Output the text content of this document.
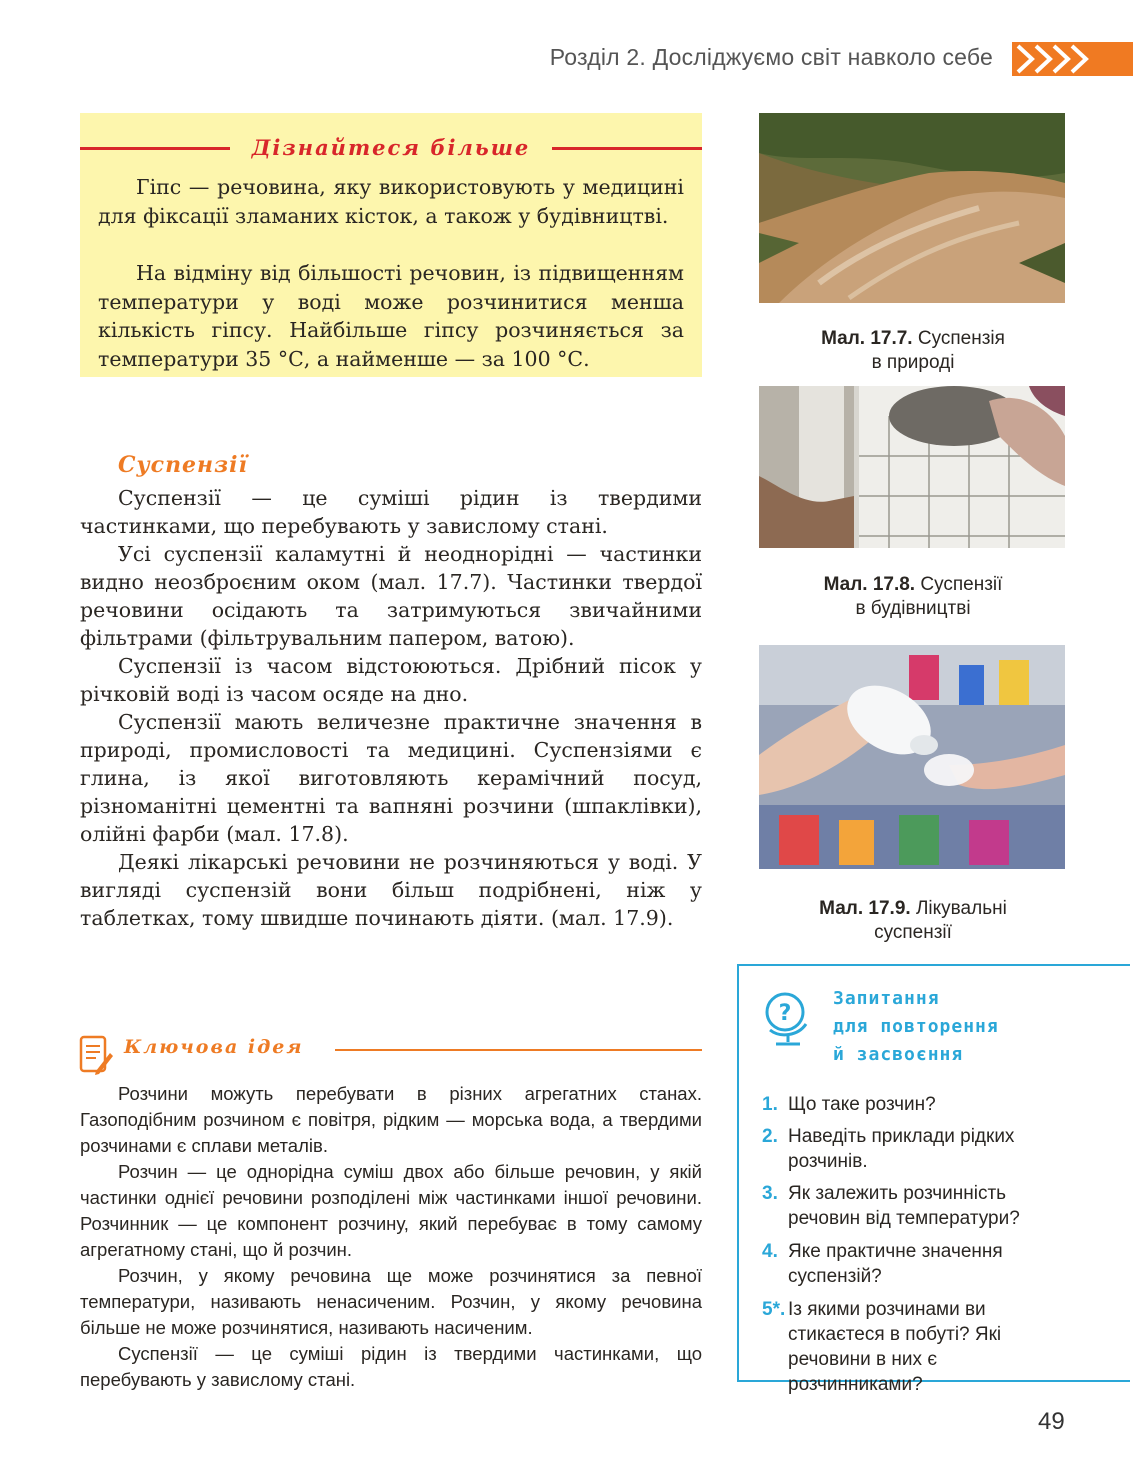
Розділ 2. Досліджуємо світ навколо себе
Дізнайтеся більше

Гіпс — речовина, яку використовують у медицині для фіксації зламаних кісток, а також у будівництві.

На відміну від більшості речовин, із підвищенням температури у воді може розчинитися менша кількість гіпсу. Найбільше гіпсу розчиняється за температури 35 °С, а найменше — за 100 °С.

Суспензії

Суспензії — це суміші рідин із твердими частинками, що перебувають у завислому стані.

Усі суспензії каламутні й неоднорідні — частинки видно неозброєним оком (мал. 17.7). Частинки твердої речовини осідають та затримуються звичайними фільтрами (фільтрувальним папером, ватою).

Суспензії із часом відстоюються. Дрібний пісок у річковій воді із часом осяде на дно.

Суспензії мають величезне практичне значення в природі, промисловості та медицині. Суспензіями є глина, із якої виготовляють керамічний посуд, різноманітні цементні та вапняні розчини (шпаклівки), олійні фарби (мал. 17.8).

Деякі лікарські речовини не розчиняються у воді. У вигляді суспензій вони більш подрібнені, ніж у таблетках, тому швидше починають діяти. (мал. 17.9).

Ключова ідея

Розчини можуть перебувати в різних агрегатних станах. Газоподібним розчином є повітря, рідким — морська вода, а твердими розчинами є сплави металів.

Розчин — це однорідна суміш двох або більше речовин, у якій частинки однієї речовини розподілені між частинками іншої речовини. Розчинник — це компонент розчину, який перебуває в тому самому агрегатному стані, що й розчин.

Розчин, у якому речовина ще може розчинятися за певної температури, називають ненасиченим. Розчин, у якому речовина більше не може розчинятися, називають насиченим.

Суспензії — це суміші рідин із твердими частинками, що перебувають у завислому стані.

Мал. 17.7. Суспензія
в природі
Мал. 17.8. Суспензії
в будівництві
Мал. 17.9. Лікувальні
суспензії
?
Запитання
для повторення
й засвоєння
1. Що таке розчин?
2. Наведіть приклади рідких розчинів.
3. Як залежить розчинність речовин від температури?
4. Яке практичне значення суспензій?
5*. Із якими розчинами ви стикаєтеся в побуті? Які речовини в них є розчинниками?
49
